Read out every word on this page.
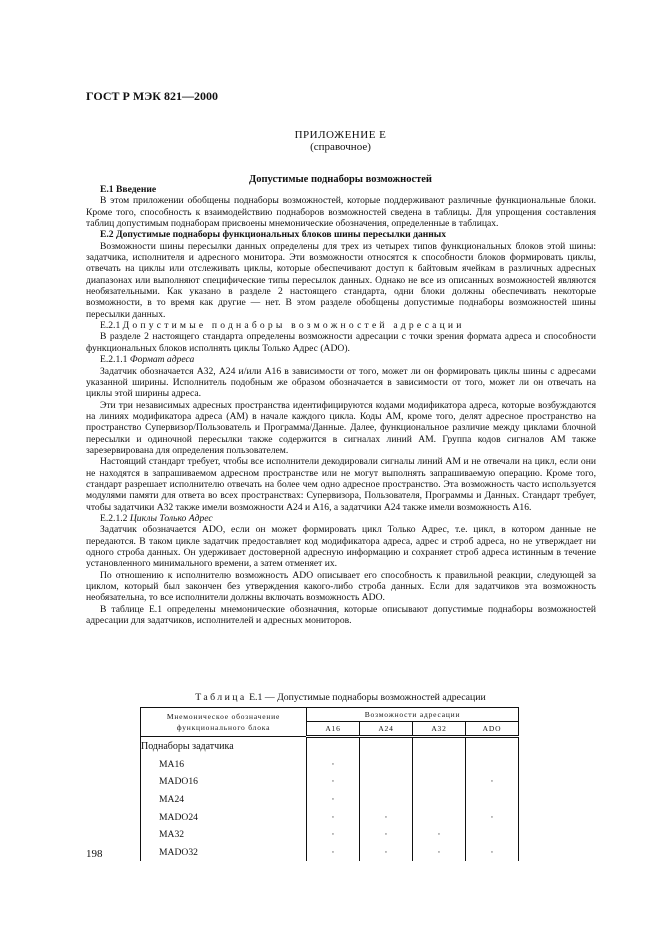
ГОСТ Р МЭК 821—2000
ПРИЛОЖЕНИЕ Е
(справочное)
Допустимые поднаборы возможностей

Е.1 Введение

В этом приложении обобщены поднаборы возможностей, которые поддерживают различные функциональные блоки. Кроме того, способность к взаимодействию поднаборов возможностей сведена в таблицы. Для упрощения составления таблиц допустимым поднаборам присвоены мнемонические обозначения, определенные в таблицах.

Е.2 Допустимые поднаборы функциональных блоков шины пересылки данных

Возможности шины пересылки данных определены для трех из четырех типов функциональных блоков этой шины: задатчика, исполнителя и адресного монитора. Эти возможности относятся к способности блоков формировать циклы, отвечать на циклы или отслеживать циклы, которые обеспечивают доступ к байтовым ячейкам в различных адресных диапазонах или выполняют специфические типы пересылок данных. Однако не все из описанных возможностей являются необязательными. Как указано в разделе 2 настоящего стандарта, одни блоки должны обеспечивать некоторые возможности, в то время как другие — нет. В этом разделе обобщены допустимые поднаборы возможностей шины пересылки данных.

Е.2.1 Допустимые поднаборы возможностей адресации

В разделе 2 настоящего стандарта определены возможности адресации с точки зрения формата адреса и способности функциональных блоков исполнять циклы Только Адрес (ADO).

Е.2.1.1 Формат адреса

Задатчик обозначается А32, А24 и/или А16 в зависимости от того, может ли он формировать циклы шины с адресами указанной ширины. Исполнитель подобным же образом обозначается в зависимости от того, может ли он отвечать на циклы этой ширины адреса.

Эти три независимых адресных пространства идентифицируются кодами модификатора адреса, которые возбуждаются на линиях модификатора адреса (АМ) в начале каждого цикла. Коды АМ, кроме того, делят адресное пространство на пространство Супервизор/Пользователь и Программа/Данные. Далее, функциональное различие между циклами блочной пересылки и одиночной пересылки также содержится в сигналах линий АМ. Группа кодов сигналов АМ также зарезервирована для определения пользователем.

Настоящий стандарт требует, чтобы все исполнители декодировали сигналы линий АМ и не отвечали на цикл, если они не находятся в запрашиваемом адресном пространстве или не могут выполнять запрашиваемую операцию. Кроме того, стандарт разрешает исполнителю отвечать на более чем одно адресное пространство. Эта возможность часто используется модулями памяти для ответа во всех пространствах: Супервизора, Пользователя, Программы и Данных. Стандарт требует, чтобы задатчики А32 также имели возможности А24 и А16, а задатчики А24 также имели возможность А16.

Е.2.1.2 Циклы Только Адрес

Задатчик обозначается ADO, если он может формировать цикл Только Адрес, т.е. цикл, в котором данные не передаются. В таком цикле задатчик предоставляет код модификатора адреса, адрес и строб адреса, но не утверждает ни одного строба данных. Он удерживает достоверной адресную информацию и сохраняет строб адреса истинным в течение установленного минимального времени, а затем отменяет их.

По отношению к исполнителю возможность ADO описывает его способность к правильной реакции, следующей за циклом, который был закончен без утверждения какого-либо строба данных. Если для задатчиков эта возможность необязательна, то все исполнители должны включать возможность ADO.

В таблице Е.1 определены мнемонические обозначния, которые описывают допустимые поднаборы возможностей адресации для задатчиков, исполнителей и адресных мониторов.

Таблица Е.1 — Допустимые поднаборы возможностей адресации
Мнемоническое обозначение функционального блока	Возможности адресации			
	А16	А24	А32	ADO
Поднаборы задатчика				
МА16	·			
MADO16	·			·
МА24	·			
MADO24	·	·		·
МА32	·	·	·	
MADO32	·	·	·	·
198
